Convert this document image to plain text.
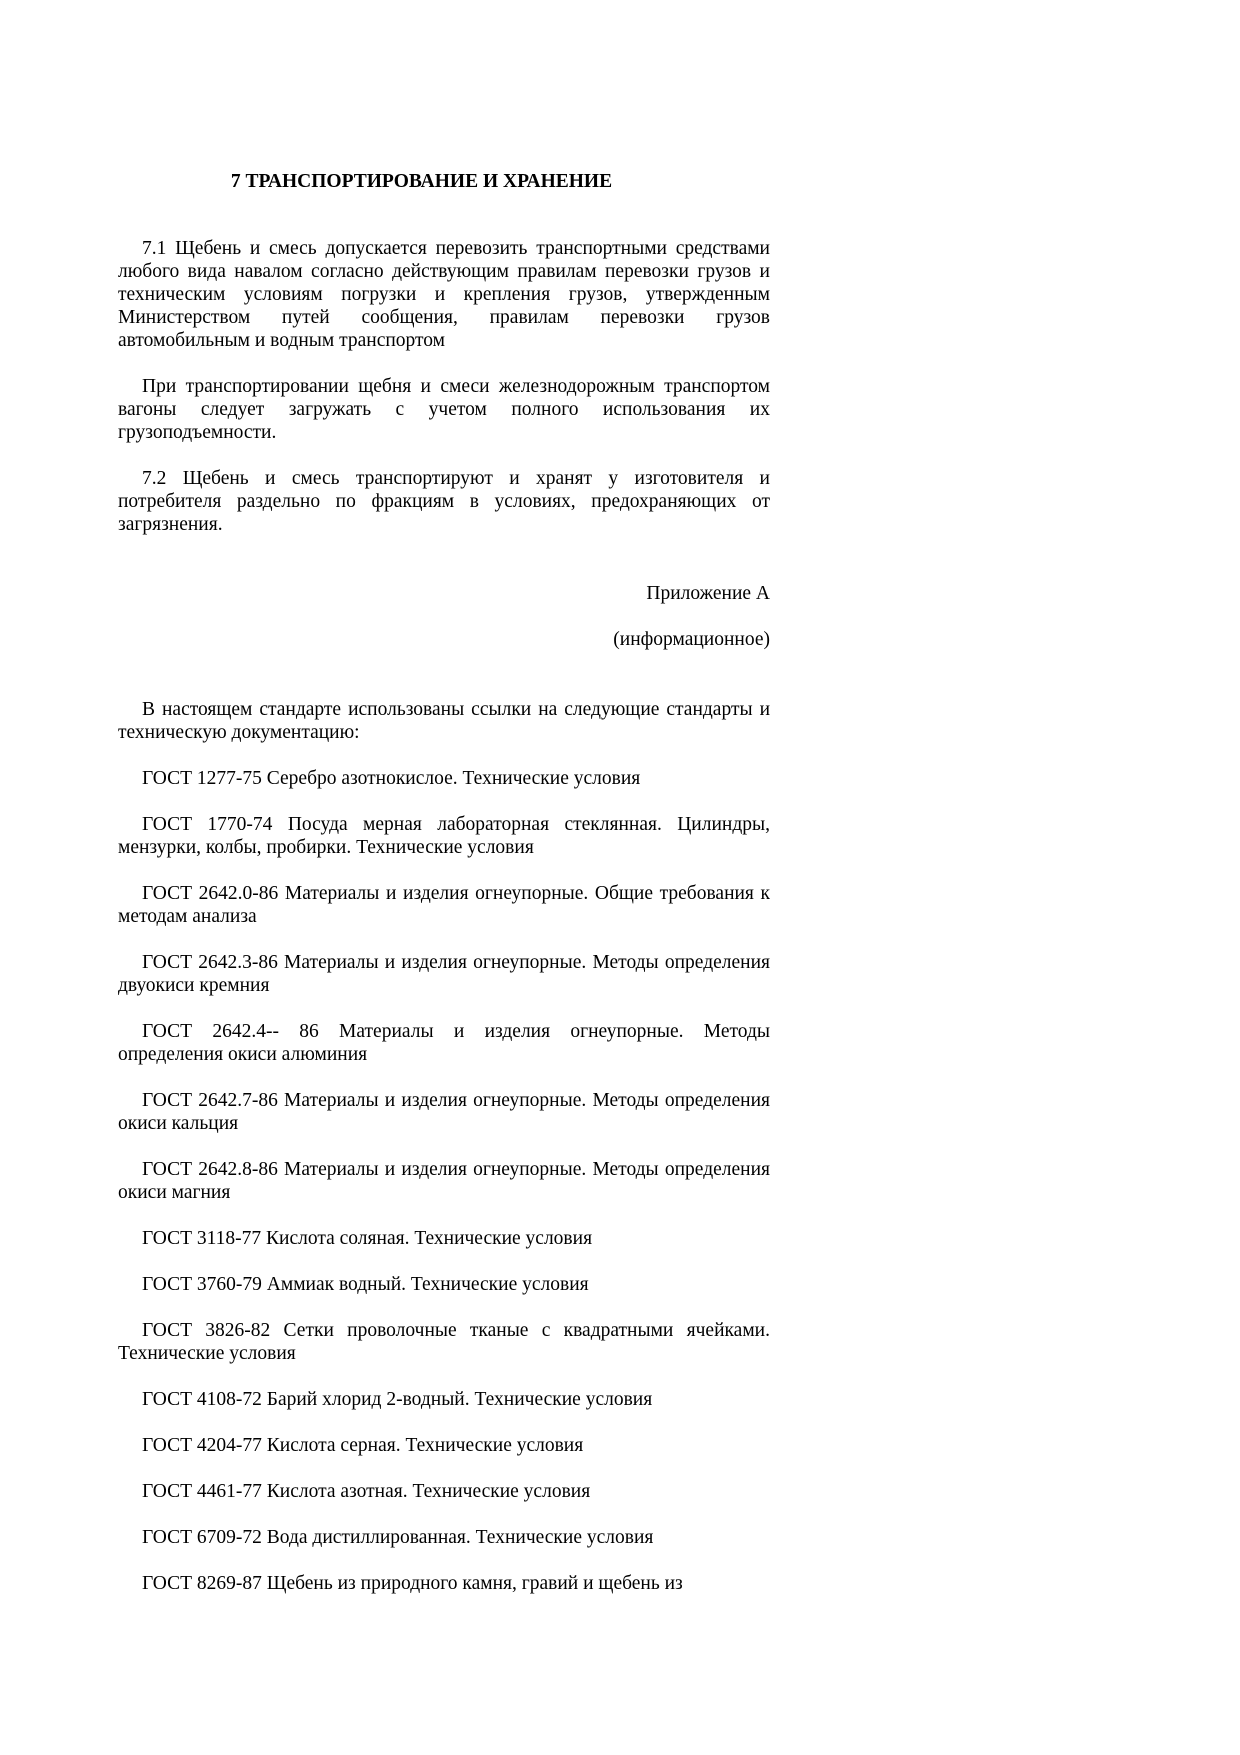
7 ТРАНСПОРТИРОВАНИЕ И ХРАНЕНИЕ

7.1 Щебень и смесь допускается перевозить транспортными средствами любого вида навалом согласно действующим правилам перевозки грузов и техническим условиям погрузки и крепления грузов, утвержденным Министерством путей сообщения, правилам перевозки грузов автомобильным и водным транспортом

При транспортировании щебня и смеси железнодорожным транспортом вагоны следует загружать с учетом полного использования их грузоподъемности.

7.2 Щебень и смесь транспортируют и хранят у изготовителя и потребителя раздельно по фракциям в условиях, предохраняющих от загрязнения.

Приложение А

(информационное)

В настоящем стандарте использованы ссылки на следующие стандарты и техническую документацию:

ГОСТ 1277-75 Серебро азотнокислое. Технические условия

ГОСТ 1770-74 Посуда мерная лабораторная стеклянная. Цилиндры, мензурки, колбы, пробирки. Технические условия

ГОСТ 2642.0-86 Материалы и изделия огнеупорные. Общие требования к методам анализа

ГОСТ 2642.3-86 Материалы и изделия огнеупорные. Методы определения двуокиси кремния

ГОСТ 2642.4-- 86 Материалы и изделия огнеупорные. Методы определения окиси алюминия

ГОСТ 2642.7-86 Материалы и изделия огнеупорные. Методы определения окиси кальция

ГОСТ 2642.8-86 Материалы и изделия огнеупорные. Методы определения окиси магния

ГОСТ 3118-77 Кислота соляная. Технические условия

ГОСТ 3760-79 Аммиак водный. Технические условия

ГОСТ 3826-82 Сетки проволочные тканые с квадратными ячейками. Технические условия

ГОСТ 4108-72 Барий хлорид 2-водный. Технические условия

ГОСТ 4204-77 Кислота серная. Технические условия

ГОСТ 4461-77 Кислота азотная. Технические условия

ГОСТ 6709-72 Вода дистиллированная. Технические условия

ГОСТ 8269-87 Щебень из природного камня, гравий и щебень из
